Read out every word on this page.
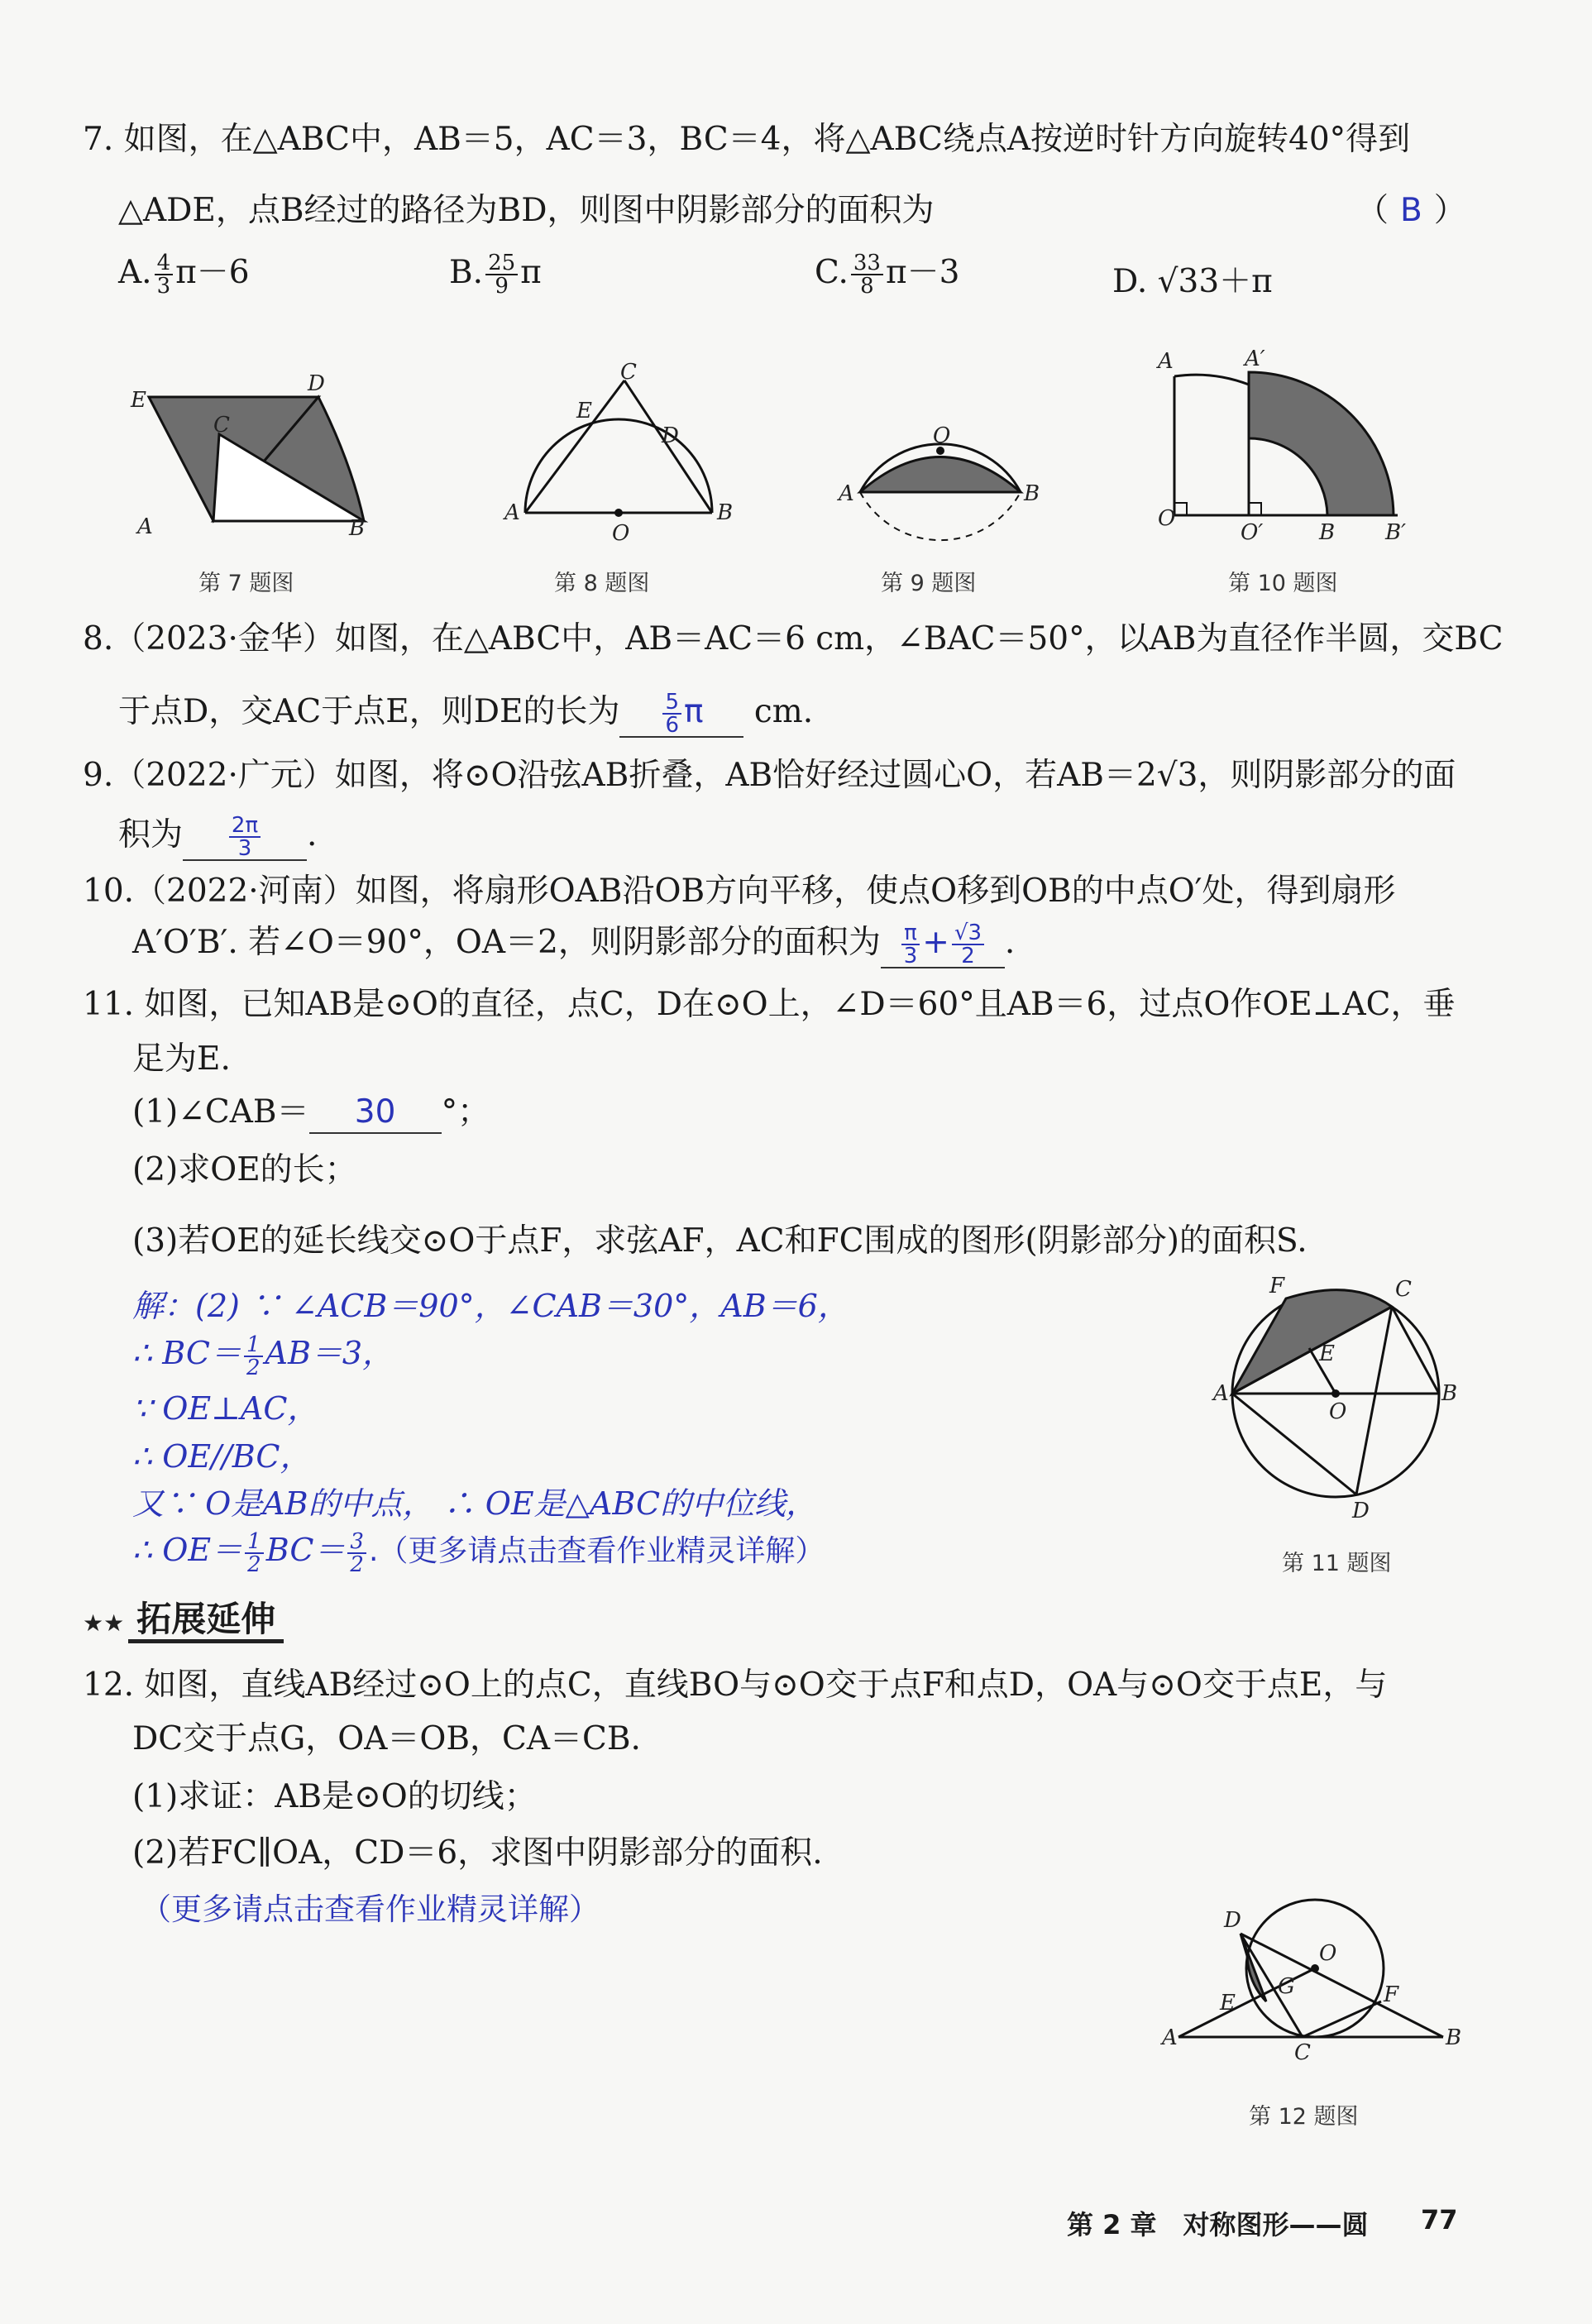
7. 如图，在△ABC中，AB＝5，AC＝3，BC＝4，将△ABC绕点A按逆时针方向旋转40°得到
△ADE，点B经过的路径为BD，则图中阴影部分的面积为	（ B ）
A. $\frac{4}{3} \pi-6$	B. $\frac{25}{9}$ π	C. $\frac{33}{8} \pi-3$	D. √33＋π
E
D
C
A	B
第 7 题图
C
E
D
A
O
B
第 8 题图
O
A	B
第 9 题图
A	A′
O
O′	B B′
第 10 题图
8.（2023·金华）如图，在△ABC中，AB＝AC＝6 cm，∠BAC＝50°，以AB为直径作半圆，交BC
于点D，交AC于点E，则DE的长为 $\frac{5}{6}$ π cm.
9.（2022·广元）如图，将⊙O沿弦AB折叠，AB恰好经过圆心O，若AB＝2√3，则阴影部分的面
积为 $\frac{2\pi}{3}$ .
10.（2022·河南）如图，将扇形OAB沿OB方向平移，使点O移到OB的中点O′处，得到扇形
A′O′B′. 若∠O＝90°，OA＝2，则阴影部分的面积为 $\frac{\pi}{3} + \frac{√3}{2}$ .
11. 如图，已知AB是⊙O的直径，点C，D在⊙O上，∠D＝60°且AB＝6，过点O作OE⊥AC，垂
足为E.
(1)∠CAB＝ 30 °；
(2)求OE的长；
(3)若OE的延长线交⊙O于点F，求弦AF，AC和FC围成的图形(阴影部分)的面积S.
解：(2) ∵ ∠ACB＝90°，∠CAB＝30°，AB＝6，
∴ $BC= \frac{1}{2} AB=3$，
∵ OE⊥AC，
∴ OE//BC，
又∵ O是AB的中点， ∴ OE是△ABC的中位线，
∴ $OE= \frac{1}{2} BC= \frac{3}{2}$ .（更多请点击查看作业精灵详解）
F	C
E
A
O
B
D
第 11 题图
★★ 拓展延伸
12. 如图，直线AB经过⊙O上的点C，直线BO与⊙O交于点F和点D，OA与⊙O交于点E，与
DC交于点G，OA＝OB，CA＝CB.
(1)求证：AB是⊙O的切线；
(2)若FC∥OA，CD＝6，求图中阴影部分的面积.
（更多请点击查看作业精灵详解）	D
O
G
E	F
A
C
B
第 12 题图
第 2 章　对称图形——圆 77
